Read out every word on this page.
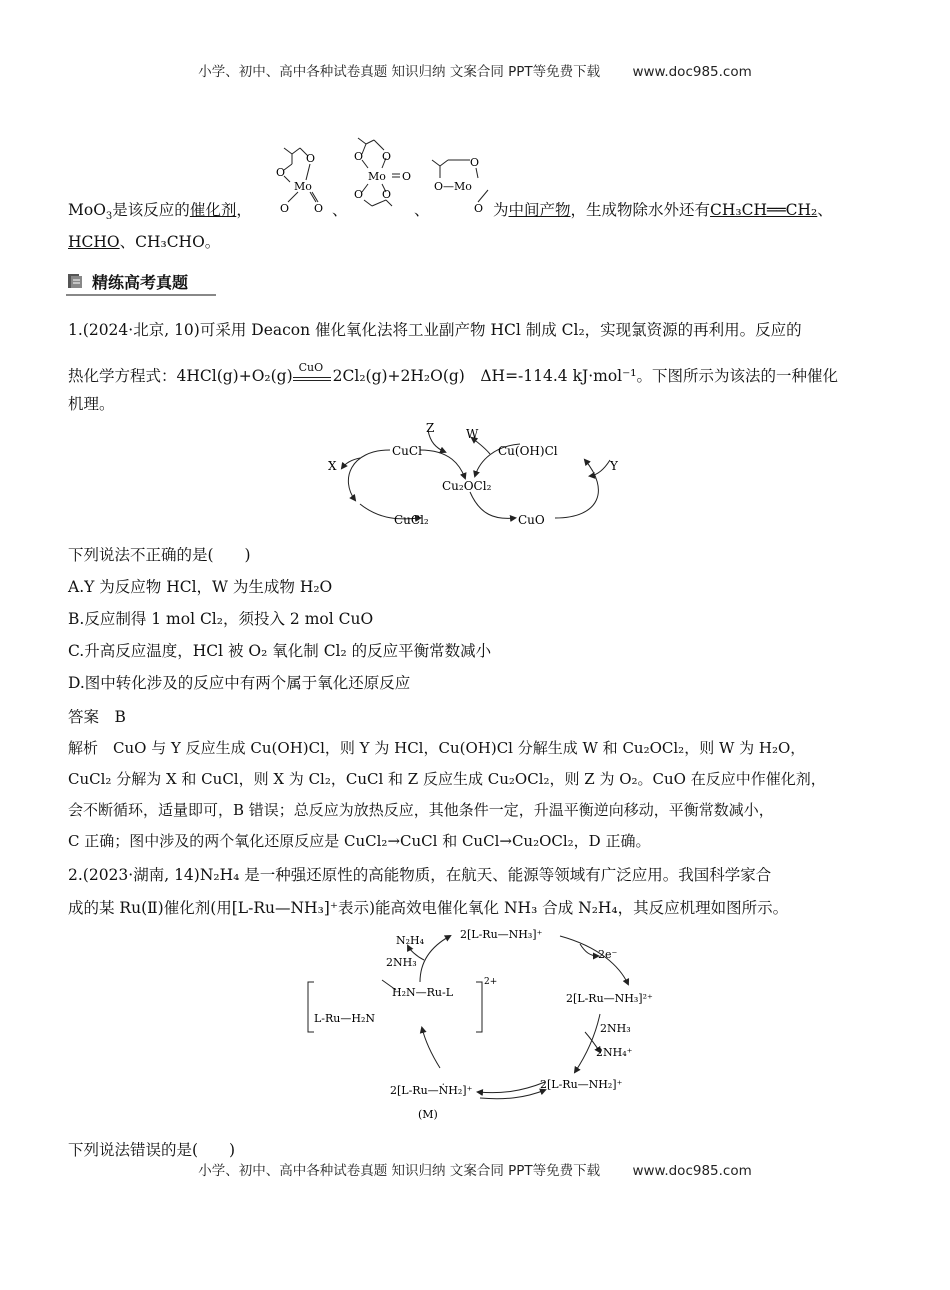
小学、初中、高中各种试卷真题 知识归纳 文案合同 PPT等免费下载 www.doc985.com
O
O
Mo
O O
O O
Mo O
O O
O
O—Mo
O
MoO$_3$是该反应的催化剂，	、	、	为中间产物，生成物除水外还有CH₃CH══CH₂、
HCHO、CH₃CHO。
精练高考真题
1.(2024·北京, 10)可采用 Deacon 催化氧化法将工业副产物 HCl 制成 Cl₂，实现氯资源的再利用。反应的
热化学方程式：4HCl(g)+O₂(g) CuO 2Cl₂(g)+2H₂O(g)　ΔH=-114.4 kJ·mol⁻¹。下图所示为该法的一种催化
机理。
CuCl
Z	W
Cu(OH)Cl
X	Y
Cu₂OCl₂
CuCl₂	CuO
下列说法不正确的是(　　)
A.Y 为反应物 HCl，W 为生成物 H₂O
B.反应制得 1 mol Cl₂，须投入 2 mol CuO
C.升高反应温度，HCl 被 O₂ 氧化制 Cl₂ 的反应平衡常数减小
D.图中转化涉及的反应中有两个属于氧化还原反应
答案　B
解析　CuO 与 Y 反应生成 Cu(OH)Cl，则 Y 为 HCl，Cu(OH)Cl 分解生成 W 和 Cu₂OCl₂，则 W 为 H₂O，
CuCl₂ 分解为 X 和 CuCl，则 X 为 Cl₂，CuCl 和 Z 反应生成 Cu₂OCl₂，则 Z 为 O₂。CuO 在反应中作催化剂，
会不断循环，适量即可，B 错误；总反应为放热反应，其他条件一定，升温平衡逆向移动，平衡常数减小，
C 正确；图中涉及的两个氧化还原反应是 CuCl₂→CuCl 和 CuCl→Cu₂OCl₂，D 正确。
2.(2023·湖南, 14)N₂H₄ 是一种强还原性的高能物质，在航天、能源等领域有广泛应用。我国科学家合
成的某 Ru(Ⅱ)催化剂(用[L-Ru—NH₃]⁺表示)能高效电催化氧化 NH₃ 合成 N₂H₄，其反应机理如图所示。
2[L-Ru—NH₃]⁺
N₂H₄
2NH₃
2e⁻
2[L-Ru—NH₃]²⁺
2NH₃
2NH₄⁺
2[L-Ru—NH₂]⁺
2[L-Ru—ṄH₂]⁺
(M)
H₂N—Ru-L
L-Ru—H₂N
2+
下列说法错误的是(　　)
小学、初中、高中各种试卷真题 知识归纳 文案合同 PPT等免费下载 www.doc985.com
